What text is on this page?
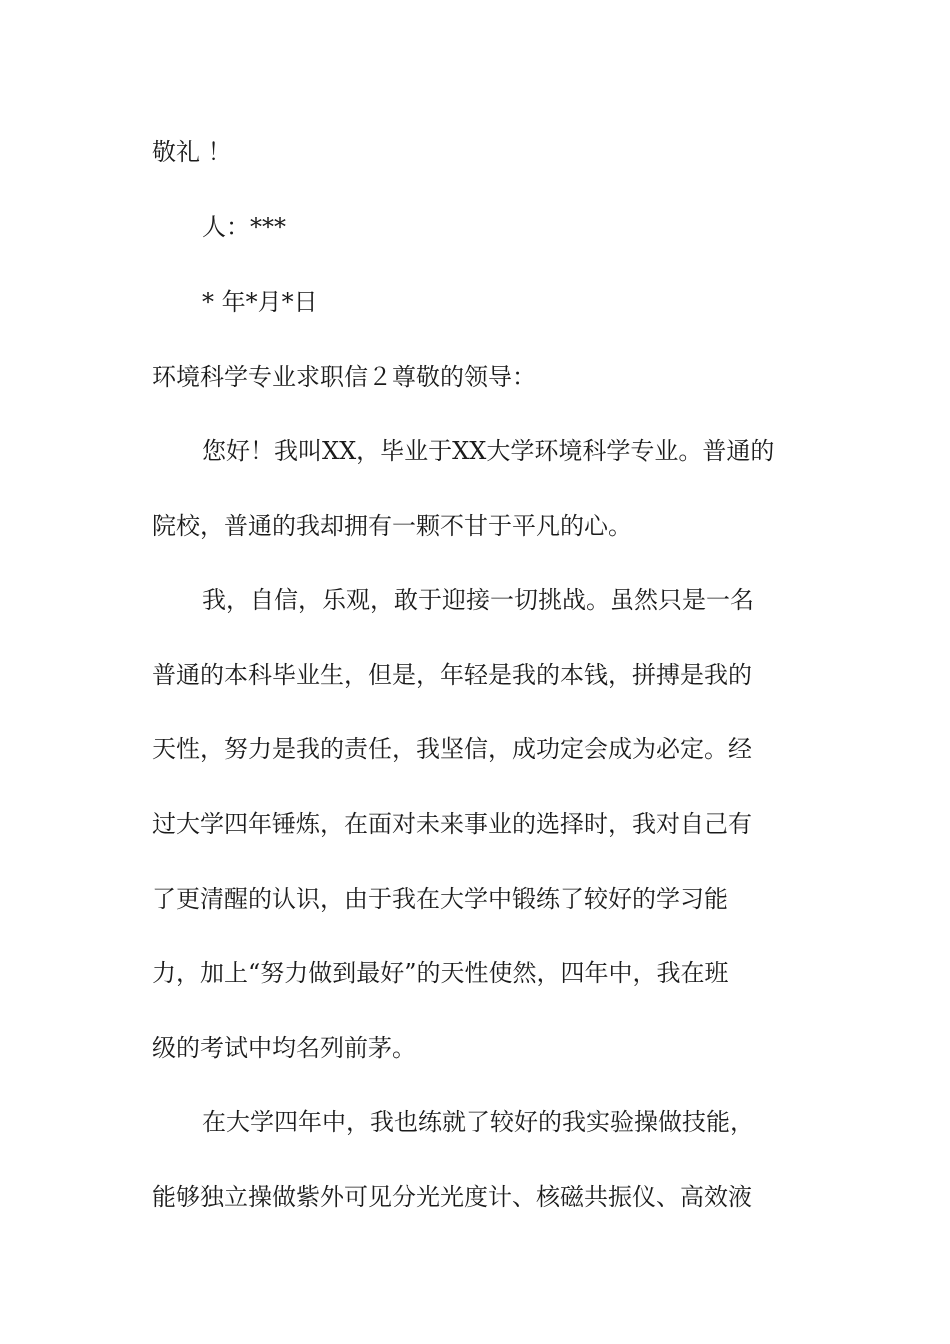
敬礼 ！
人：***
* 年*月*日
环境科学专业求职信２尊敬的领导：
您好！我叫XX，毕业于XX大学环境科学专业。普通的
院校，普通的我却拥有一颗不甘于平凡的心。
我，自信，乐观，敢于迎接一切挑战。虽然只是一名
普通的本科毕业生，但是，年轻是我的本钱，拼搏是我的
天性，努力是我的责任，我坚信，成功定会成为必定。经
过大学四年锤炼，在面对未来事业的选择时，我对自己有
了更清醒的认识，由于我在大学中锻练了较好的学习能
力，加上“努力做到最好”的天性使然，四年中，我在班
级的考试中均名列前茅。
在大学四年中，我也练就了较好的我实验操做技能，
能够独立操做紫外可见分光光度计、核磁共振仪、高效液
